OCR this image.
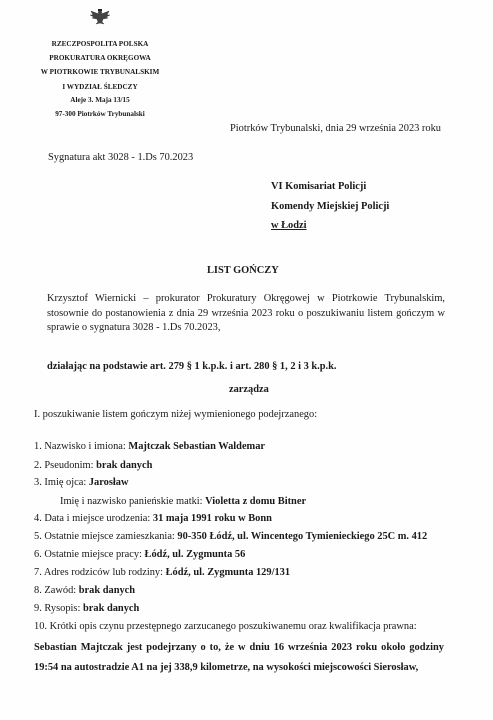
RZECZPOSPOLITA POLSKA
PROKURATURA OKRĘGOWA
W PIOTRKOWIE TRYBUNALSKIM
I WYDZIAŁ ŚLEDCZY
Aleje 3. Maja 13/15
97-300 Piotrków Trybunalski
Piotrków Trybunalski, dnia 29 września 2023 roku
Sygnatura akt 3028 - 1.Ds 70.2023
VI Komisariat Policji
Komendy Miejskiej Policji
w Łodzi
LIST GOŃCZY
Krzysztof Wiernicki – prokurator Prokuratury Okręgowej w Piotrkowie Trybunalskim, stosownie do postanowienia z dnia 29 września 2023 roku o poszukiwaniu listem gończym w sprawie o sygnatura 3028 - 1.Ds 70.2023,
działając na podstawie art. 279 § 1 k.p.k. i art. 280 § 1, 2 i 3 k.p.k.
zarządza
I. poszukiwanie listem gończym niżej wymienionego podejrzanego:
1. Nazwisko i imiona: Majtczak Sebastian Waldemar
2. Pseudonim: brak danych
3. Imię ojca: Jarosław
Imię i nazwisko panieńskie matki: Violetta z domu Bitner
4. Data i miejsce urodzenia: 31 maja 1991 roku w Bonn
5. Ostatnie miejsce zamieszkania: 90-350 Łódź, ul. Wincentego Tymienieckiego 25C m. 412
6. Ostatnie miejsce pracy: Łódź, ul. Zygmunta 56
7. Adres rodziców lub rodziny: Łódź, ul. Zygmunta 129/131
8. Zawód: brak danych
9. Rysopis: brak danych
10. Krótki opis czynu przestępnego zarzucanego poszukiwanemu oraz kwalifikacja prawna:
Sebastian Majtczak jest podejrzany o to, że w dniu 16 września 2023 roku około godziny 19:54 na autostradzie A1 na jej 338,9 kilometrze, na wysokości miejscowości Sierosław,
